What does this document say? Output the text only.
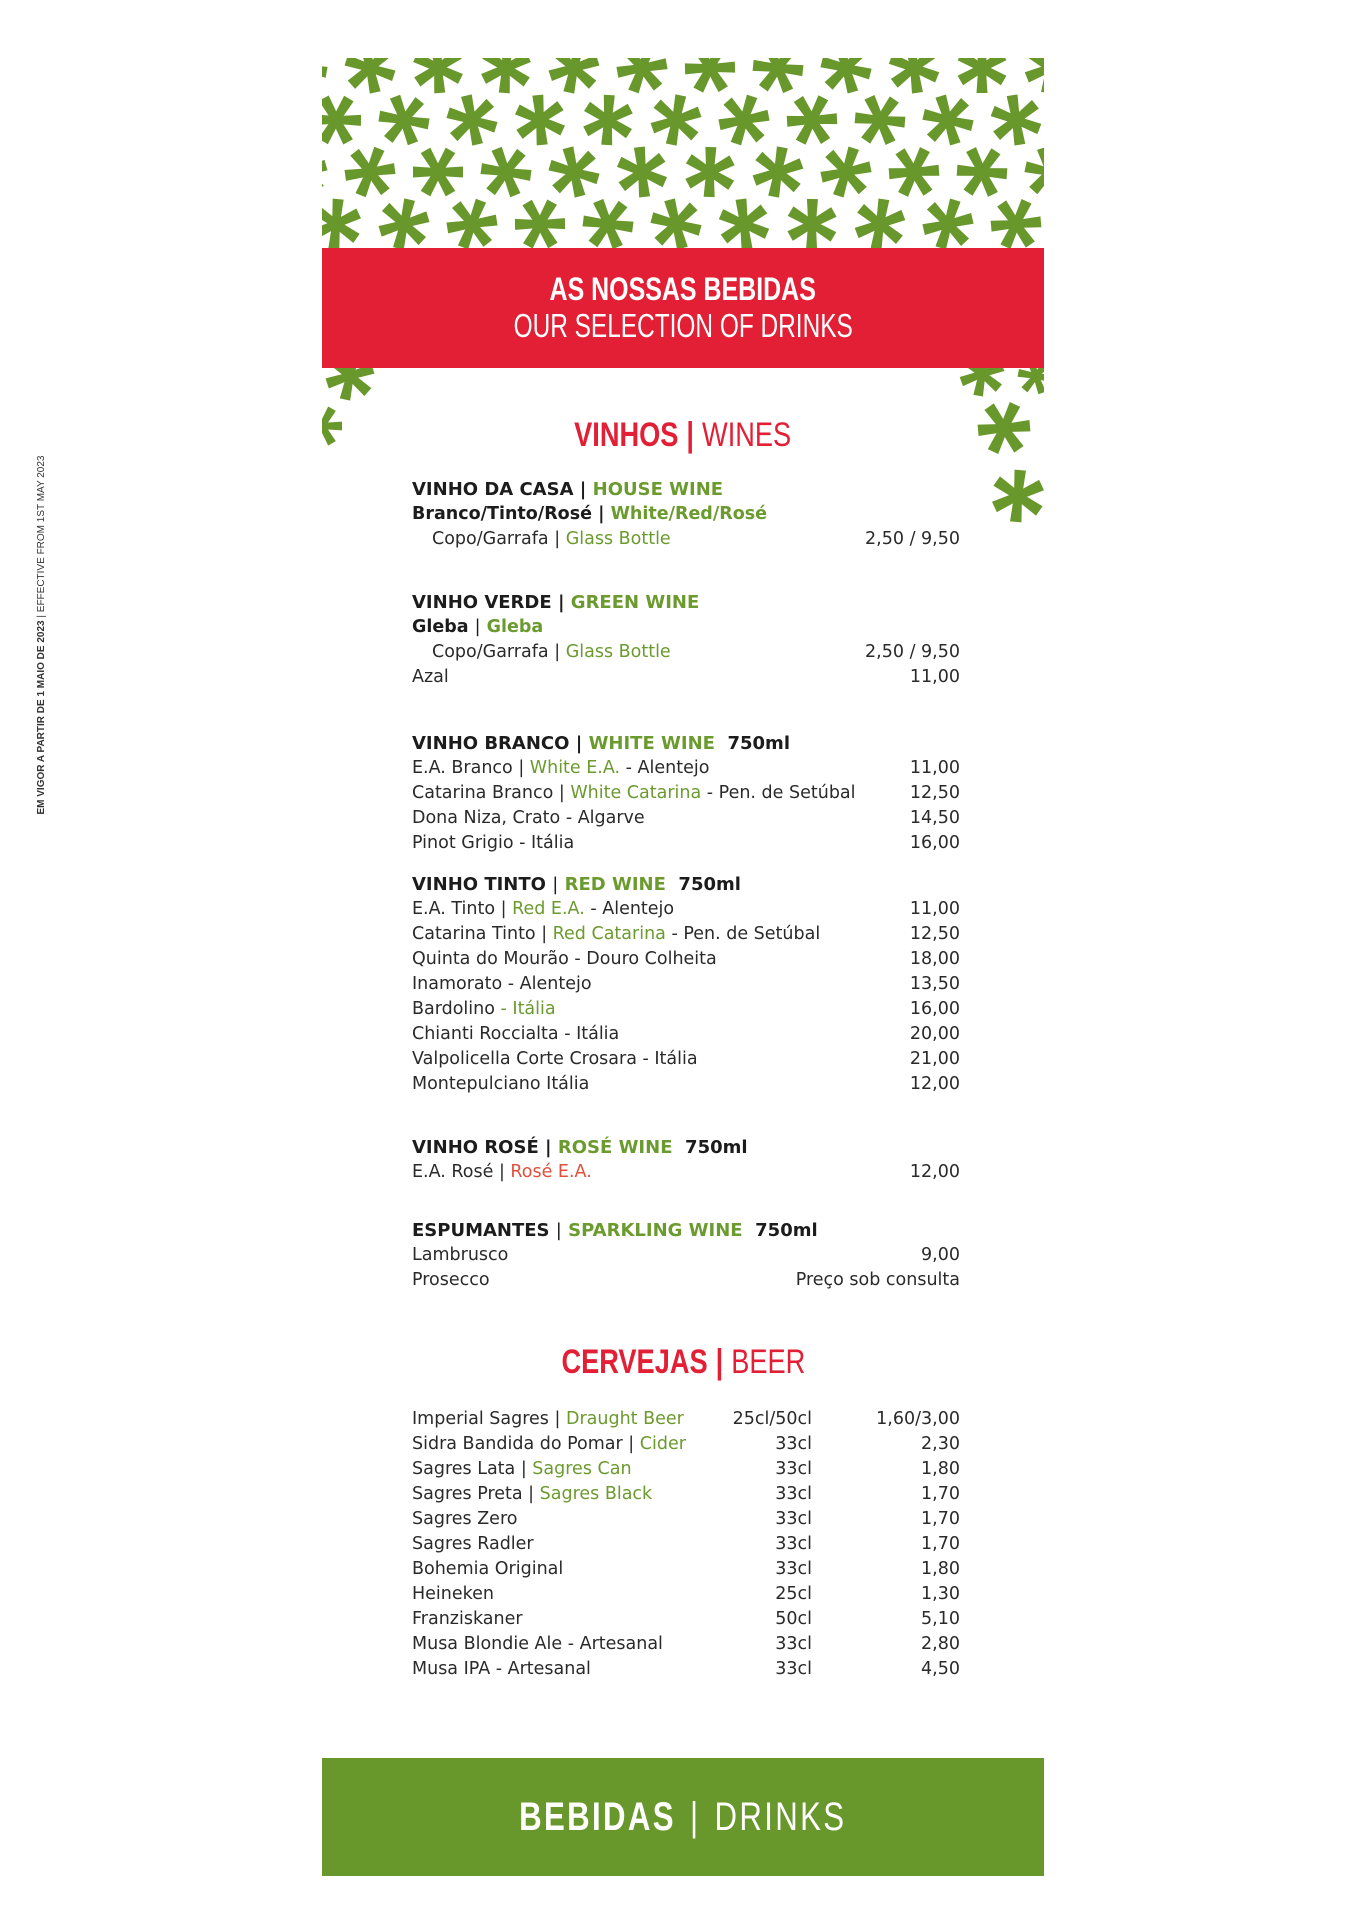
AS NOSSAS BEBIDAS
OUR SELECTION OF DRINKS
VINHOS | WINES
VINHO DA CASA | HOUSE WINE
Branco/Tinto/Rosé | White/Red/Rosé
Copo/Garrafa | Glass Bottle	2,50 / 9,50
VINHO VERDE | GREEN WINE
Gleba | Gleba
Copo/Garrafa | Glass Bottle	2,50 / 9,50
Azal	11,00
VINHO BRANCO | WHITE WINE 750ml
E.A. Branco | White E.A. - Alentejo	11,00
Catarina Branco | White Catarina - Pen. de Setúbal	12,50
Dona Niza, Crato - Algarve	14,50
Pinot Grigio - Itália	16,00
VINHO TINTO | RED WINE 750ml
E.A. Tinto | Red E.A. - Alentejo	11,00
Catarina Tinto | Red Catarina - Pen. de Setúbal	12,50
Quinta do Mourão - Douro Colheita	18,00
Inamorato - Alentejo	13,50
Bardolino - Itália	16,00
Chianti Roccialta - Itália	20,00
Valpolicella Corte Crosara - Itália	21,00
Montepulciano Itália	12,00
VINHO ROSÉ | ROSÉ WINE 750ml
E.A. Rosé | Rosé E.A.	12,00
ESPUMANTES | SPARKLING WINE 750ml
Lambrusco	9,00
Prosecco	Preço sob consulta
CERVEJAS | BEER
Imperial Sagres | Draught Beer	25cl/50cl	1,60/3,00
Sidra Bandida do Pomar | Cider	33cl	2,30
Sagres Lata | Sagres Can	33cl	1,80
Sagres Preta | Sagres Black	33cl	1,70
Sagres Zero	33cl	1,70
Sagres Radler	33cl	1,70
Bohemia Original	33cl	1,80
Heineken	25cl	1,30
Franziskaner	50cl	5,10
Musa Blondie Ale - Artesanal	33cl	2,80
Musa IPA - Artesanal	33cl	4,50
BEBIDAS | DRINKS
EM VIGOR A PARTIR DE 1 MAIO DE 2023 | EFFECTIVE FROM 1ST MAY 2023
